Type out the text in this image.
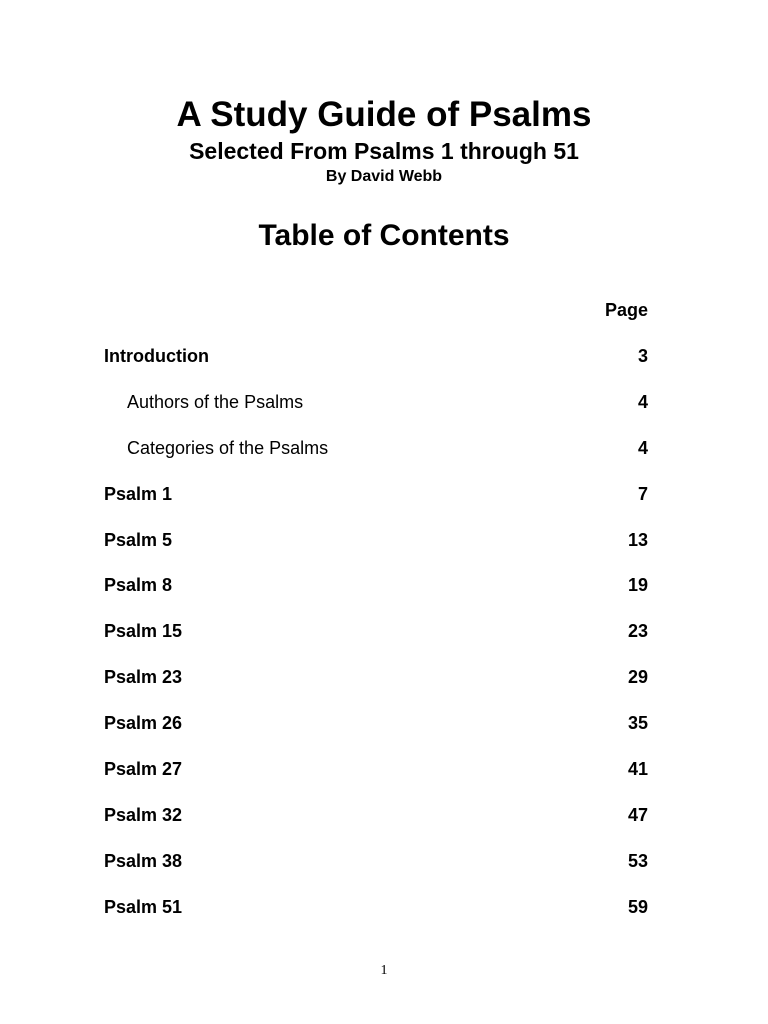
A Study Guide of Psalms
Selected From Psalms 1 through 51
By David Webb
Table of Contents
Page
Introduction	3
Authors of the Psalms	4
Categories of the Psalms	4
Psalm 1	7
Psalm 5	13
Psalm 8	19
Psalm 15	23
Psalm 23	29
Psalm 26	35
Psalm 27	41
Psalm 32	47
Psalm 38	53
Psalm 51	59
1
